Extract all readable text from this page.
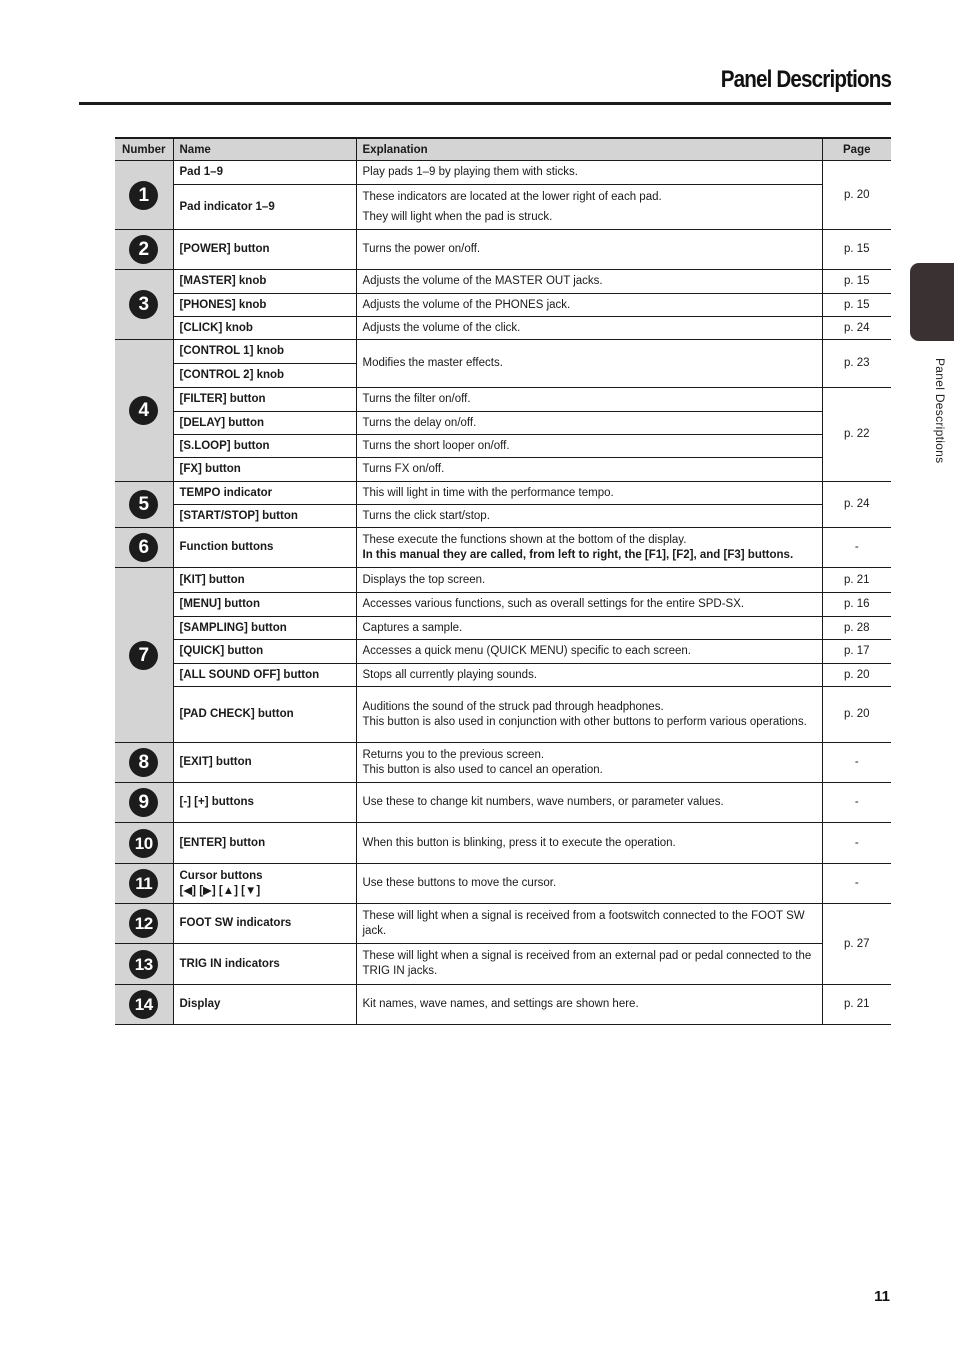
Panel Descriptions
Panel Descriptions
Number	Name	Explanation	Page
1	Pad 1–9	Play pads 1–9 by playing them with sticks.	p. 20
	Pad indicator 1–9	These indicators are located at the lower right of each pad.
They will light when the pad is struck.	

2	[POWER] button	Turns the power on/off.	p. 15
3	[MASTER] knob	Adjusts the volume of the MASTER OUT jacks.	p. 15
	[PHONES] knob	Adjusts the volume of the PHONES jack.	p. 15
	[CLICK] knob	Adjusts the volume of the click.	p. 24
4	[CONTROL 1] knob	Modifies the master effects.	p. 23
	[CONTROL 2] knob		
	[FILTER] button	Turns the filter on/off.	p. 22
	[DELAY] button	Turns the delay on/off.	
	[S.LOOP] button	Turns the short looper on/off.	
	[FX] button	Turns FX on/off.	
5	TEMPO indicator	This will light in time with the performance tempo.	p. 24
	[START/STOP] button	Turns the click start/stop.	
6	Function buttons	These execute the functions shown at the bottom of the display.
In this manual they are called, from left to right, the [F1], [F2], and [F3] buttons.	-
7	[KIT] button	Displays the top screen.	p. 21
	[MENU] button	Accesses various functions, such as overall settings for the entire SPD-SX.	p. 16
	[SAMPLING] button	Captures a sample.	p. 28
	[QUICK] button	Accesses a quick menu (QUICK MENU) specific to each screen.	p. 17
	[ALL SOUND OFF] button	Stops all currently playing sounds.	p. 20
	[PAD CHECK] button	Auditions the sound of the struck pad through headphones.
This button is also used in conjunction with other buttons to perform various operations.	p. 20
8	[EXIT] button	Returns you to the previous screen.
This button is also used to cancel an operation.	-
9	[-] [+] buttons	Use these to change kit numbers, wave numbers, or parameter values.	-
10	[ENTER] button	When this button is blinking, press it to execute the operation.	-
11	Cursor buttons
[◀] [▶] [▲] [▼]	Use these buttons to move the cursor.	-
12	FOOT SW indicators	These will light when a signal is received from a footswitch connected to the FOOT SW jack.	p. 27
13	TRIG IN indicators	These will light when a signal is received from an external pad or pedal connected to the TRIG IN jacks.	
14	Display	Kit names, wave names, and settings are shown here.	p. 21
11
